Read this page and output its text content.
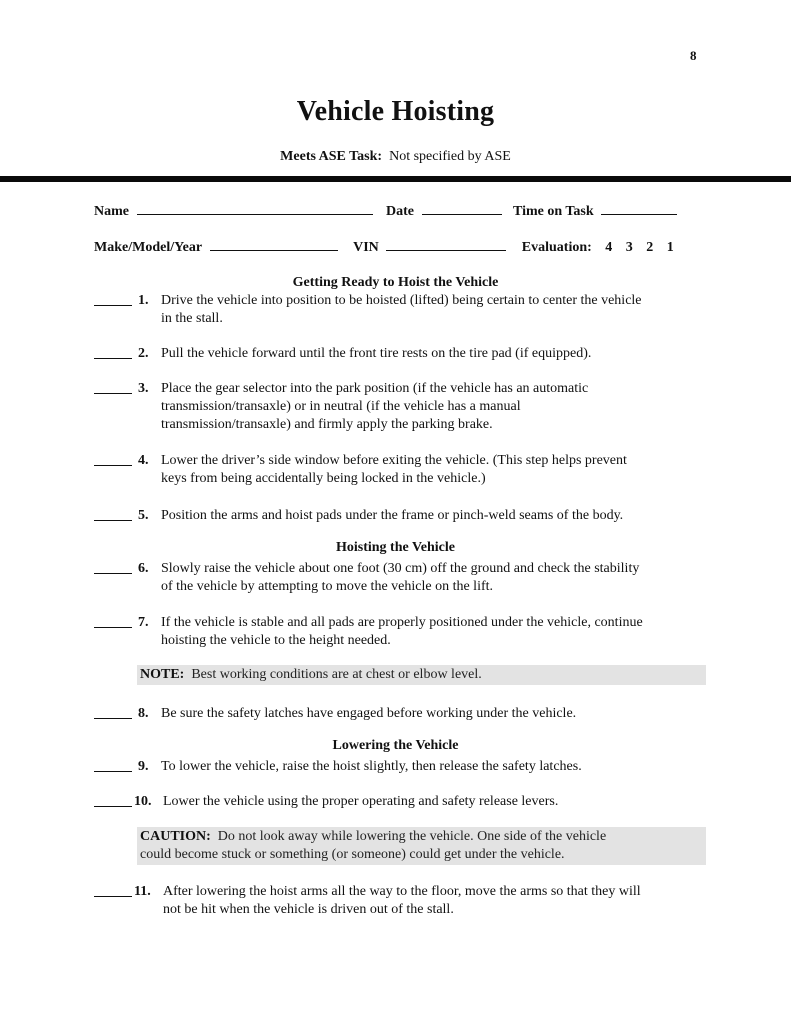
8
Vehicle Hoisting
Meets ASE Task: Not specified by ASE
Name	Date	Time on Task
Make/Model/Year	VIN	Evaluation: 4 3 2 1
Getting Ready to Hoist the Vehicle
1. Drive the vehicle into position to be hoisted (lifted) being certain to center the vehicle
in the stall.
2. Pull the vehicle forward until the front tire rests on the tire pad (if equipped).
3. Place the gear selector into the park position (if the vehicle has an automatic
transmission/transaxle) or in neutral (if the vehicle has a manual
transmission/transaxle) and firmly apply the parking brake.
4. Lower the driver’s side window before exiting the vehicle. (This step helps prevent
keys from being accidentally being locked in the vehicle.)
5. Position the arms and hoist pads under the frame or pinch-weld seams of the body.
Hoisting the Vehicle
6. Slowly raise the vehicle about one foot (30 cm) off the ground and check the stability
of the vehicle by attempting to move the vehicle on the lift.
7. If the vehicle is stable and all pads are properly positioned under the vehicle, continue
hoisting the vehicle to the height needed.
NOTE: Best working conditions are at chest or elbow level.
8. Be sure the safety latches have engaged before working under the vehicle.
Lowering the Vehicle
9. To lower the vehicle, raise the hoist slightly, then release the safety latches.
10. Lower the vehicle using the proper operating and safety release levers.
CAUTION: Do not look away while lowering the vehicle. One side of the vehicle
could become stuck or something (or someone) could get under the vehicle.
11. After lowering the hoist arms all the way to the floor, move the arms so that they will
not be hit when the vehicle is driven out of the stall.
